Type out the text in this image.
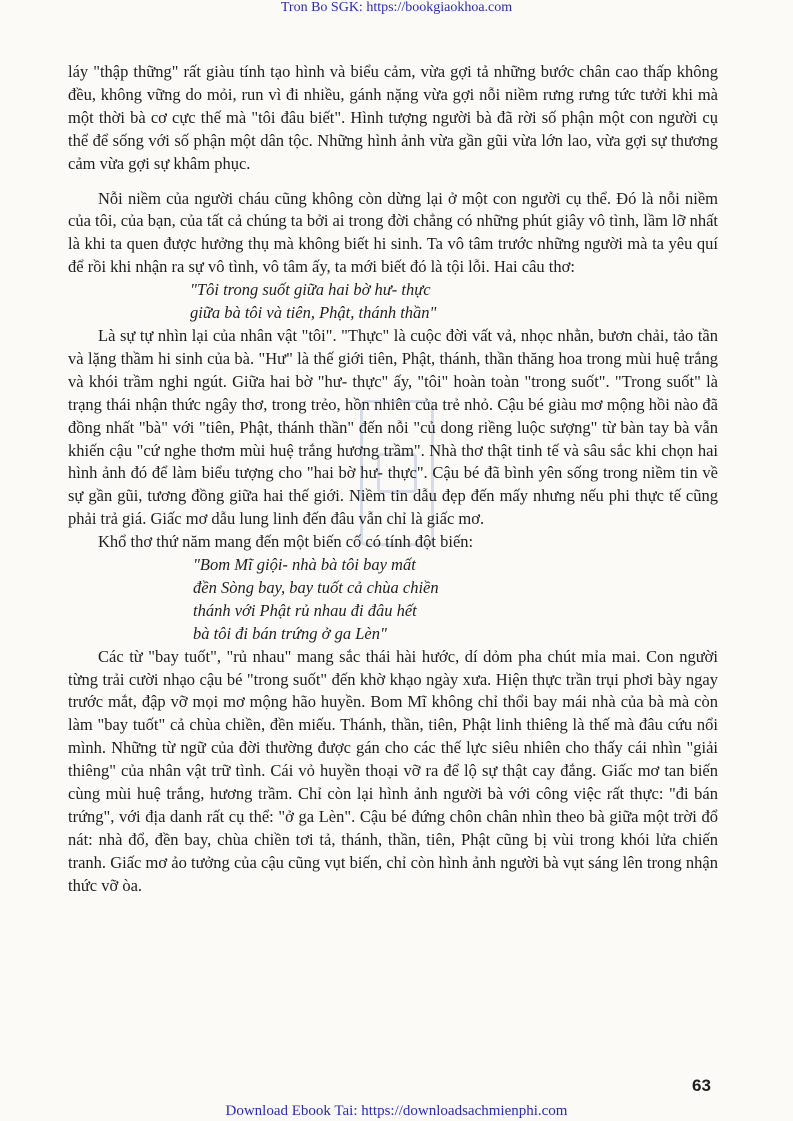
Tron Bo SGK: https://bookgiaokhoa.com

láy "thập thững" rất giàu tính tạo hình và biểu cảm, vừa gợi tả những bước chân cao thấp không đều, không vững do mỏi, run vì đi nhiều, gánh nặng vừa gợi nỗi niềm rưng rưng tức tưởi khi mà một thời bà cơ cực thế mà "tôi đâu biết". Hình tượng người bà đã rời số phận một con người cụ thể để sống với số phận một dân tộc. Những hình ảnh vừa gần gũi vừa lớn lao, vừa gợi sự thương cảm vừa gợi sự khâm phục.

Nỗi niềm của người cháu cũng không còn dừng lại ở một con người cụ thể. Đó là nỗi niềm của tôi, của bạn, của tất cả chúng ta bởi ai trong đời chẳng có những phút giây vô tình, lầm lỡ nhất là khi ta quen được hưởng thụ mà không biết hi sinh. Ta vô tâm trước những người mà ta yêu quí để rồi khi nhận ra sự vô tình, vô tâm ấy, ta mới biết đó là tội lỗi. Hai câu thơ:

"Tôi trong suốt giữa hai bờ hư- thực

giữa bà tôi và tiên, Phật, thánh thần"

Là sự tự nhìn lại của nhân vật "tôi". "Thực" là cuộc đời vất vả, nhọc nhằn, bươn chải, tảo tần và lặng thầm hi sinh của bà. "Hư" là thế giới tiên, Phật, thánh, thần thăng hoa trong mùi huệ trắng và khói trầm nghi ngút. Giữa hai bờ "hư- thực" ấy, "tôi" hoàn toàn "trong suốt". "Trong suốt" là trạng thái nhận thức ngây thơ, trong trẻo, hồn nhiên của trẻ nhỏ. Cậu bé giàu mơ mộng hồi nào đã đồng nhất "bà" với "tiên, Phật, thánh thần" đến nỗi "củ dong riềng luộc sượng" từ bàn tay bà vẫn khiến cậu "cứ nghe thơm mùi huệ trắng hương trầm". Nhà thơ thật tinh tế và sâu sắc khi chọn hai hình ảnh đó để làm biểu tượng cho "hai bờ hư- thực". Cậu bé đã bình yên sống trong niềm tin về sự gần gũi, tương đồng giữa hai thế giới. Niềm tin dẫu đẹp đến mấy nhưng nếu phi thực tế cũng phải trả giá. Giấc mơ dẫu lung linh đến đâu vẫn chỉ là giấc mơ.

Khổ thơ thứ năm mang đến một biến cố có tính đột biến:

"Bom Mĩ giội- nhà bà tôi bay mất

đền Sòng bay, bay tuốt cả chùa chiền

thánh với Phật rủ nhau đi đâu hết

bà tôi đi bán trứng ở ga Lèn"

Các từ "bay tuốt", "rủ nhau" mang sắc thái hài hước, dí dỏm pha chút mỉa mai. Con người từng trải cười nhạo cậu bé "trong suốt" đến khờ khạo ngày xưa. Hiện thực trần trụi phơi bày ngay trước mắt, đập vỡ mọi mơ mộng hão huyền. Bom Mĩ không chỉ thổi bay mái nhà của bà mà còn làm "bay tuốt" cả chùa chiền, đền miếu. Thánh, thần, tiên, Phật linh thiêng là thế mà đâu cứu nổi mình. Những từ ngữ của đời thường được gán cho các thế lực siêu nhiên cho thấy cái nhìn "giải thiêng" của nhân vật trữ tình. Cái vỏ huyền thoại vỡ ra để lộ sự thật cay đắng. Giấc mơ tan biến cùng mùi huệ trắng, hương trầm. Chỉ còn lại hình ảnh người bà với công việc rất thực: "đi bán trứng", với địa danh rất cụ thể: "ở ga Lèn". Cậu bé đứng chôn chân nhìn theo bà giữa một trời đổ nát: nhà đổ, đền bay, chùa chiền tơi tả, thánh, thần, tiên, Phật cũng bị vùi trong khói lửa chiến tranh. Giấc mơ ảo tưởng của cậu cũng vụt biến, chỉ còn hình ảnh người bà vụt sáng lên trong nhận thức vỡ òa.

63
Download Ebook Tai: https://downloadsachmienphi.com
